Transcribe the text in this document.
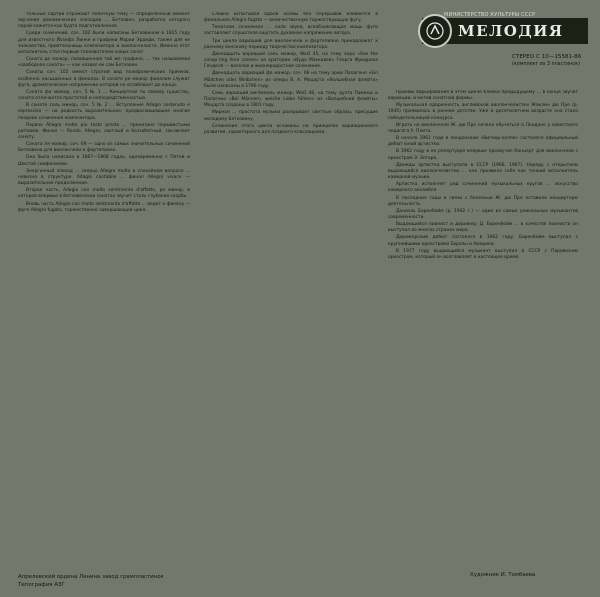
тельные партии отражают побочную тему — определенный момент звучания динамических эпизодов ... Бетховен, разработка которого порой кажется как будто подготовленная.

Среди сочинений, соч. 102 были написаны Бетховеном в 1815 году для известного Йозефа Линке и графини Марии Эрдеди, также для ее знакомства, приятельницы композитора и виолончелиста. Именно этот исполнитель стал первым толкователем новых сонат.

Соната до мажор, посвященная той же графине, ... так называемая «свободная соната» — как назвал ее сам Бетховен.

Сонаты соч. 102 имеют строгий вид полифонических приемов, особенно насыщенных в финалах. В сонате ре мажор финалом служит фуга, драматическое напряжение которой не ослабевает до конца.

Соната фа мажор, соч. 5 № 1 ... Концертная по своему существу, соната отличается простотой и непосредственностью.

В сонате соль минор, соч. 5 № 2 ... Вступление Adagio sostenuto e espressivo — на редкость выразительное, предвосхищающее многие поздние сочинения композитора.

Первое Allegro molto piu tosto presto ... пронизано порывистыми ритмами. Финал — Rondo. Allegro, светлый и беззаботный, заключает сонату.

Соната ля мажор, соч. 69 — одно из самых значительных сочинений Бетховена для виолончели и фортепиано.

Она была написана в 1807—1808 годах, одновременно с Пятой и Шестой симфониями.

Энергичный эпизод ... скерцо Allegro molto в спокойном вопросе ... новизна в структуре. Adagio cantabile ... финал Allegro vivace — выразительное продолжение.

Вторая часть, Adagio con molto sentimento d'affetto, ре минор, в которой впервые в бетховенских сонатах звучит столь глубокая скорбь.

Вновь часть Adagio con molto sentimento d'affetto ... ведет к финалу — фуге Allegro fugato, торжественно завершающей цикл.

Словно испытывая вдали холмы без перерывов вливается в финальное Allegro fugato — величественную торжествующую фугу.

Тематизм сочинения ... сила звука, всеобъемлющая мощь фуги заставляют слушателя ощутить духовное напряжение автора.

Три цикла вариаций для виолончели и фортепиано принадлежат к раннему венскому периоду творчества композитора.

Двенадцать вариаций соль мажор, WoO 45, на тему хора «See the conqu'ring hero comes» из оратории «Иуда Маккавей» Георга Фридриха Генделя — веселое и жизнерадостное сочинение.

Двенадцать вариаций фа мажор, соч. 66 на тему арии Папагено «Ein Mädchen oder Weibchen» из оперы В. А. Моцарта «Волшебная флейта» были написаны в 1796 году.

Семь вариаций ми-бемоль мажор, WoO 46, на тему дуэта Памины и Папагено «Bei Männern, welche Liebe fühlen» из «Волшебной флейты» Моцарта созданы в 1801 году.

Мирная ... простота музыки раскрывает светлые образы, присущие молодому Бетховену.

Сочинения этого цикла основаны на принципах вариационного развития, характерного для позднего классицизма.

МИНИСТЕРСТВО КУЛЬТУРЫ СССР
МЕЛОДИЯ
СТЕРЕО С 10—15581-86
(комплект из 3 пластинок)

Приемы варьирования в этом цикле близки предыдущему ... в конце звучат вариации, и мотив сонатной формы.

Музыкальная одаренность английской виолончелистки Жаклин дю Пре (р. 1945) проявилась в раннем детстве. Уже в десятилетнем возрасте она стала победительницей конкурса.

Играть на виолончели Ж. дю Пре начала обучаться в Лондоне у известного педагога У. Плита.

В начале 1961 года в лондонском «Вигмор-холле» состоялся официальный дебют юной артистки.

В 1962 году в ее репертуаре впервые прозвучал Концерт для виолончели с оркестром Э. Элгара.

Дважды артистка выступала в СССР (1966, 1967). Наряду с открытием выдающейся виолончелистки ... она проявила себя как тонкий исполнитель камерной музыки.

Артистка исполняет ряд сочинений музыкальных кругов ... искусство камерного ансамбля.

В последние годы в связи с болезнью Ж. дю Пре оставила концертную деятельность.

Даниэль Баренбойм (р. 1942 г.) — один из самых уникальных музыкантов современности.

Выдающийся пианист и дирижер, Д. Баренбойм ... в качестве пианиста он выступал во многих странах мира.

Дирижерский дебют состоялся в 1962 году. Баренбойм выступал с крупнейшими оркестрами Европы и Америки.

В 1977 году выдающийся музыкант выступил в СССР с Парижским оркестром, который он возглавляет в настоящее время.

Апрелевский ордена Ленина завод грампластинок
Типография АЗГ
Художник И. Томбаева
